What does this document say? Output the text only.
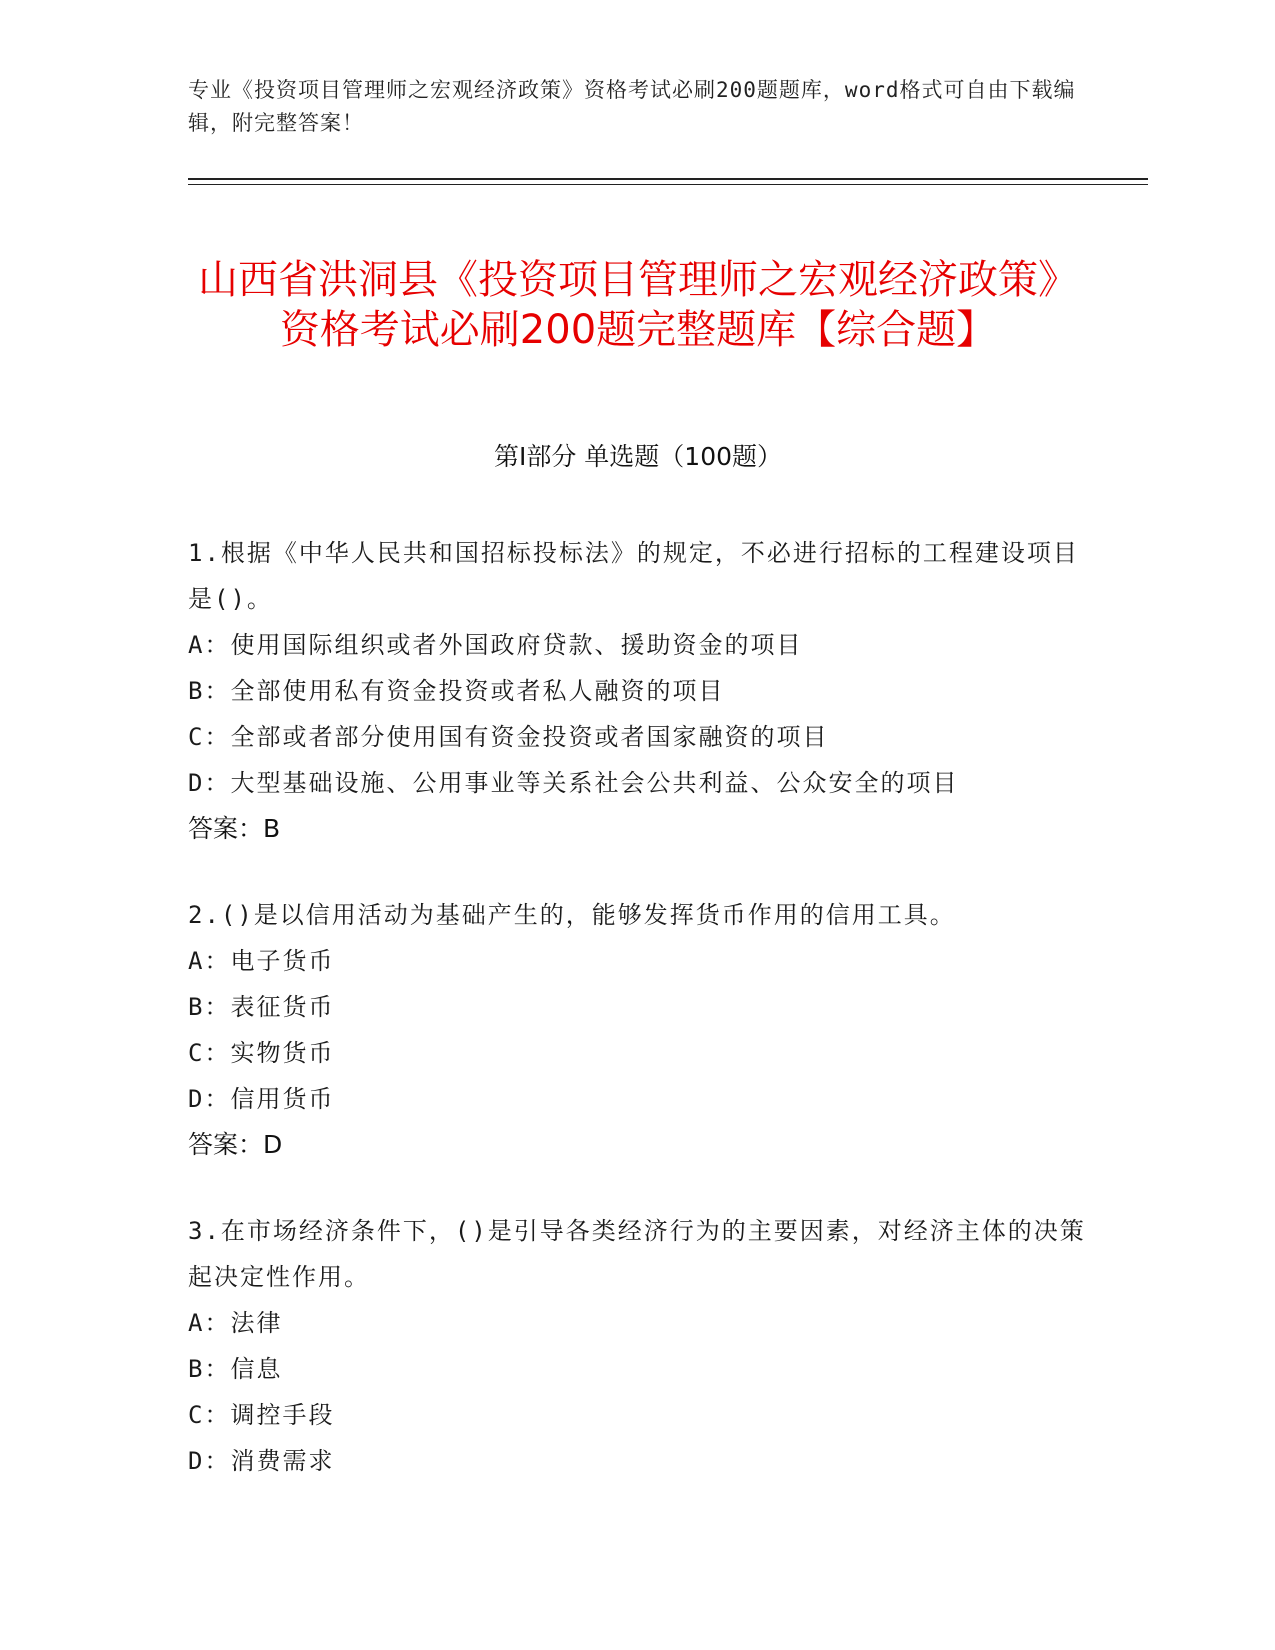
专业《投资项目管理师之宏观经济政策》资格考试必刷200题题库，word格式可自由下载编辑，附完整答案！
山西省洪洞县《投资项目管理师之宏观经济政策》资格考试必刷200题完整题库【综合题】
第I部分 单选题（100题）
1.根据《中华人民共和国招标投标法》的规定，不必进行招标的工程建设项目是()。
A：使用国际组织或者外国政府贷款、援助资金的项目
B：全部使用私有资金投资或者私人融资的项目
C：全部或者部分使用国有资金投资或者国家融资的项目
D：大型基础设施、公用事业等关系社会公共利益、公众安全的项目
答案：B
2.()是以信用活动为基础产生的，能够发挥货币作用的信用工具。
A：电子货币
B：表征货币
C：实物货币
D：信用货币
答案：D
3.在市场经济条件下，()是引导各类经济行为的主要因素，对经济主体的决策起决定性作用。
A：法律
B：信息
C：调控手段
D：消费需求
